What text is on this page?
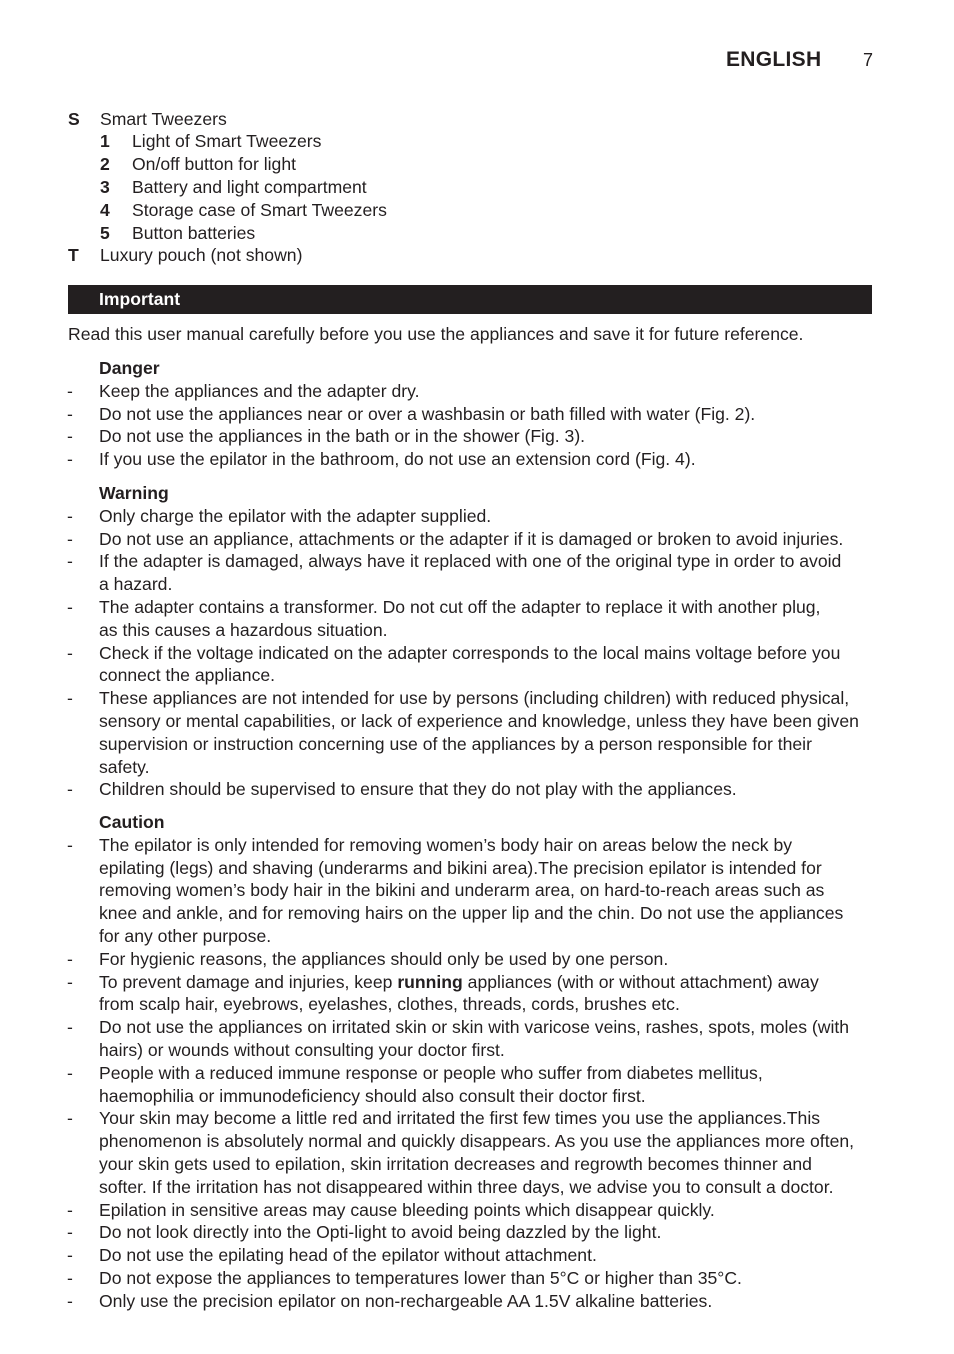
ENGLISH 7
S Smart Tweezers
1 Light of Smart Tweezers
2 On/off button for light
3 Battery and light compartment
4 Storage case of Smart Tweezers
5 Button batteries
T Luxury pouch (not shown)
Important
Read this user manual carefully before you use the appliances and save it for future reference.
Danger
- Keep the appliances and the adapter dry.
- Do not use the appliances near or over a washbasin or bath filled with water (Fig. 2).
- Do not use the appliances in the bath or in the shower (Fig. 3).
- If you use the epilator in the bathroom, do not use an extension cord (Fig. 4).
Warning
- Only charge the epilator with the adapter supplied.
- Do not use an appliance, attachments or the adapter if it is damaged or broken to avoid injuries.
- If the adapter is damaged, always have it replaced with one of the original type in order to avoid
a hazard.
- The adapter contains a transformer. Do not cut off the adapter to replace it with another plug,
as this causes a hazardous situation.
- Check if the voltage indicated on the adapter corresponds to the local mains voltage before you
connect the appliance.
- These appliances are not intended for use by persons (including children) with reduced physical,
sensory or mental capabilities, or lack of experience and knowledge, unless they have been given
supervision or instruction concerning use of the appliances by a person responsible for their
safety.
- Children should be supervised to ensure that they do not play with the appliances.
Caution
- The epilator is only intended for removing women’s body hair on areas below the neck by
epilating (legs) and shaving (underarms and bikini area).The precision epilator is intended for
removing women’s body hair in the bikini and underarm area, on hard-to-reach areas such as
knee and ankle, and for removing hairs on the upper lip and the chin. Do not use the appliances
for any other purpose.
- For hygienic reasons, the appliances should only be used by one person.
- To prevent damage and injuries, keep running appliances (with or without attachment) away
from scalp hair, eyebrows, eyelashes, clothes, threads, cords, brushes etc.
- Do not use the appliances on irritated skin or skin with varicose veins, rashes, spots, moles (with
hairs) or wounds without consulting your doctor first.
- People with a reduced immune response or people who suffer from diabetes mellitus,
haemophilia or immunodeficiency should also consult their doctor first.
- Your skin may become a little red and irritated the first few times you use the appliances.This
phenomenon is absolutely normal and quickly disappears. As you use the appliances more often,
your skin gets used to epilation, skin irritation decreases and regrowth becomes thinner and
softer. If the irritation has not disappeared within three days, we advise you to consult a doctor.
- Epilation in sensitive areas may cause bleeding points which disappear quickly.
- Do not look directly into the Opti-light to avoid being dazzled by the light.
- Do not use the epilating head of the epilator without attachment.
- Do not expose the appliances to temperatures lower than 5°C or higher than 35°C.
- Only use the precision epilator on non-rechargeable AA 1.5V alkaline batteries.
